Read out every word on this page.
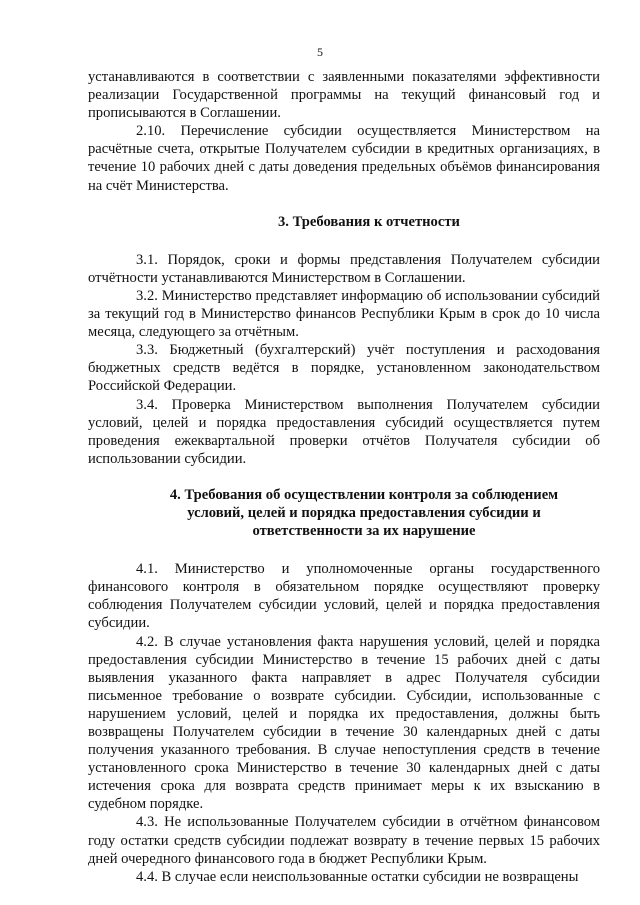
5

устанавливаются в соответствии с заявленными показателями эффективности реализации Государственной программы на текущий финансовый год и прописываются в Соглашении.

2.10. Перечисление субсидии осуществляется Министерством на расчётные счета, открытые Получателем субсидии в кредитных организациях, в течение 10 рабочих дней с даты доведения предельных объёмов финансирования на счёт Министерства.

3. Требования к отчетности

3.1. Порядок, сроки и формы представления Получателем субсидии отчётности устанавливаются Министерством в Соглашении.

3.2. Министерство представляет информацию об использовании субсидий за текущий год в Министерство финансов Республики Крым в срок до 10 числа месяца, следующего за отчётным.

3.3. Бюджетный (бухгалтерский) учёт поступления и расходования бюджетных средств ведётся в порядке, установленном законодательством Российской Федерации.

3.4. Проверка Министерством выполнения Получателем субсидии условий, целей и порядка предоставления субсидий осуществляется путем проведения ежеквартальной проверки отчётов Получателя субсидии об использовании субсидии.

4. Требования об осуществлении контроля за соблюдением
условий, целей и порядка предоставления субсидии и
ответственности за их нарушение

4.1. Министерство и уполномоченные органы государственного финансового контроля в обязательном порядке осуществляют проверку соблюдения Получателем субсидии условий, целей и порядка предоставления субсидии.

4.2. В случае установления факта нарушения условий, целей и порядка предоставления субсидии Министерство в течение 15 рабочих дней с даты выявления указанного факта направляет в адрес Получателя субсидии письменное требование о возврате субсидии. Субсидии, использованные с нарушением условий, целей и порядка их предоставления, должны быть возвращены Получателем субсидии в течение 30 календарных дней с даты получения указанного требования. В случае непоступления средств в течение установленного срока Министерство в течение 30 календарных дней с даты истечения срока для возврата средств принимает меры к их взысканию в судебном порядке.

4.3. Не использованные Получателем субсидии в отчётном финансовом году остатки средств субсидии подлежат возврату в течение первых 15 рабочих дней очередного финансового года в бюджет Республики Крым.

4.4. В случае если неиспользованные остатки субсидии не возвращены
